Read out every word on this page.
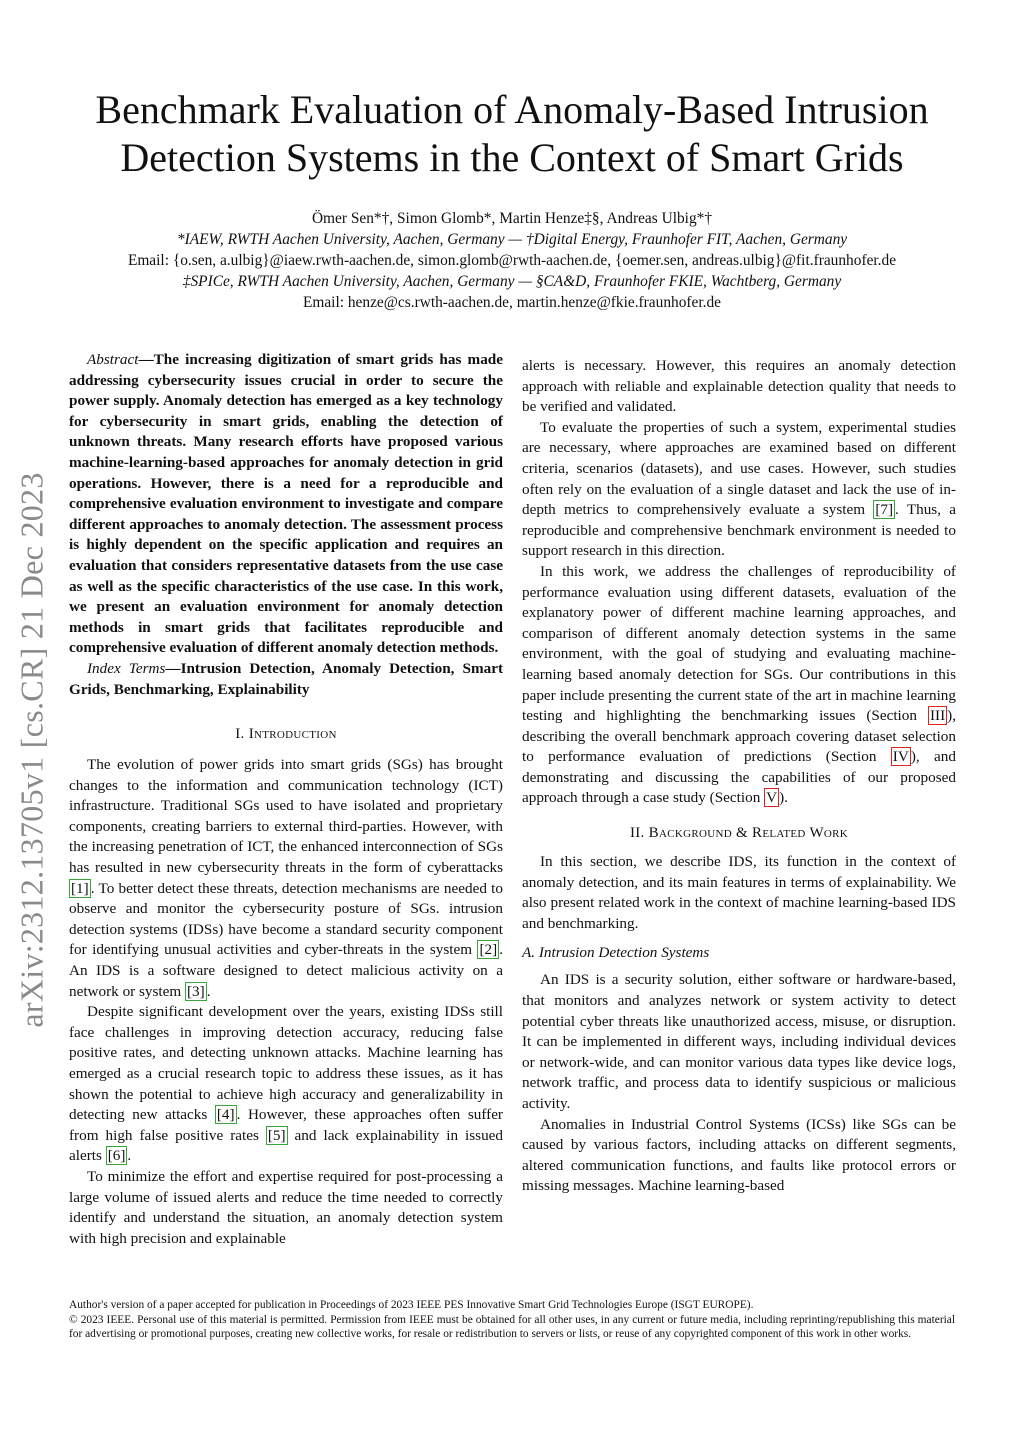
Benchmark Evaluation of Anomaly-Based Intrusion
Detection Systems in the Context of Smart Grids
Ömer Sen*†, Simon Glomb*, Martin Henze‡§, Andreas Ulbig*†
*IAEW, RWTH Aachen University, Aachen, Germany — †Digital Energy, Fraunhofer FIT, Aachen, Germany
Email: {o.sen, a.ulbig}@iaew.rwth-aachen.de, simon.glomb@rwth-aachen.de, {oemer.sen, andreas.ulbig}@fit.fraunhofer.de
‡SPICe, RWTH Aachen University, Aachen, Germany — §CA&D, Fraunhofer FKIE, Wachtberg, Germany
Email: henze@cs.rwth-aachen.de, martin.henze@fkie.fraunhofer.de
arXiv:2312.13705v1 [cs.CR] 21 Dec 2023

Abstract—The increasing digitization of smart grids has made addressing cybersecurity issues crucial in order to secure the power supply. Anomaly detection has emerged as a key technology for cybersecurity in smart grids, enabling the detection of unknown threats. Many research efforts have proposed various machine-learning-based approaches for anomaly detection in grid operations. However, there is a need for a reproducible and comprehensive evaluation environment to investigate and compare different approaches to anomaly detection. The assessment process is highly dependent on the specific application and requires an evaluation that considers representative datasets from the use case as well as the specific characteristics of the use case. In this work, we present an evaluation environment for anomaly detection methods in smart grids that facilitates reproducible and comprehensive evaluation of different anomaly detection methods.

Index Terms—Intrusion Detection, Anomaly Detection, Smart Grids, Benchmarking, Explainability

I. Introduction

The evolution of power grids into smart grids (SGs) has brought changes to the information and communication technology (ICT) infrastructure. Traditional SGs used to have isolated and proprietary components, creating barriers to external third-parties. However, with the increasing penetration of ICT, the enhanced interconnection of SGs has resulted in new cybersecurity threats in the form of cyberattacks [1] . To better detect these threats, detection mechanisms are needed to observe and monitor the cybersecurity posture of SGs. intrusion detection systems (IDSs) have become a standard security component for identifying unusual activities and cyber-threats in the system [2] . An IDS is a software designed to detect malicious activity on a network or system [3] .

Despite significant development over the years, existing IDSs still face challenges in improving detection accuracy, reducing false positive rates, and detecting unknown attacks. Machine learning has emerged as a crucial research topic to address these issues, as it has shown the potential to achieve high accuracy and generalizability in detecting new attacks [4] . However, these approaches often suffer from high false positive rates [5] and lack explainability in issued alerts [6] .

To minimize the effort and expertise required for post-processing a large volume of issued alerts and reduce the time needed to correctly identify and understand the situation, an anomaly detection system with high precision and explainable

alerts is necessary. However, this requires an anomaly detection approach with reliable and explainable detection quality that needs to be verified and validated.

To evaluate the properties of such a system, experimental studies are necessary, where approaches are examined based on different criteria, scenarios (datasets), and use cases. However, such studies often rely on the evaluation of a single dataset and lack the use of in-depth metrics to comprehensively evaluate a system [7] . Thus, a reproducible and comprehensive benchmark environment is needed to support research in this direction.

In this work, we address the challenges of reproducibility of performance evaluation using different datasets, evaluation of the explanatory power of different machine learning approaches, and comparison of different anomaly detection systems in the same environment, with the goal of studying and evaluating machine-learning based anomaly detection for SGs. Our contributions in this paper include presenting the current state of the art in machine learning testing and highlighting the benchmarking issues (Section III ), describing the overall benchmark approach covering dataset selection to performance evaluation of predictions (Section IV ), and demonstrating and discussing the capabilities of our proposed approach through a case study (Section V ).

II. Background & Related Work

In this section, we describe IDS, its function in the context of anomaly detection, and its main features in terms of explainability. We also present related work in the context of machine learning-based IDS and benchmarking.

A. Intrusion Detection Systems

An IDS is a security solution, either software or hardware-based, that monitors and analyzes network or system activity to detect potential cyber threats like unauthorized access, misuse, or disruption. It can be implemented in different ways, including individual devices or network-wide, and can monitor various data types like device logs, network traffic, and process data to identify suspicious or malicious activity.

Anomalies in Industrial Control Systems (ICSs) like SGs can be caused by various factors, including attacks on different segments, altered communication functions, and faults like protocol errors or missing messages. Machine learning-based

Author's version of a paper accepted for publication in Proceedings of 2023 IEEE PES Innovative Smart Grid Technologies Europe (ISGT EUROPE).
© 2023 IEEE. Personal use of this material is permitted. Permission from IEEE must be obtained for all other uses, in any current or future media, including reprinting/republishing this material for advertising or promotional purposes, creating new collective works, for resale or redistribution to servers or lists, or reuse of any copyrighted component of this work in other works.
